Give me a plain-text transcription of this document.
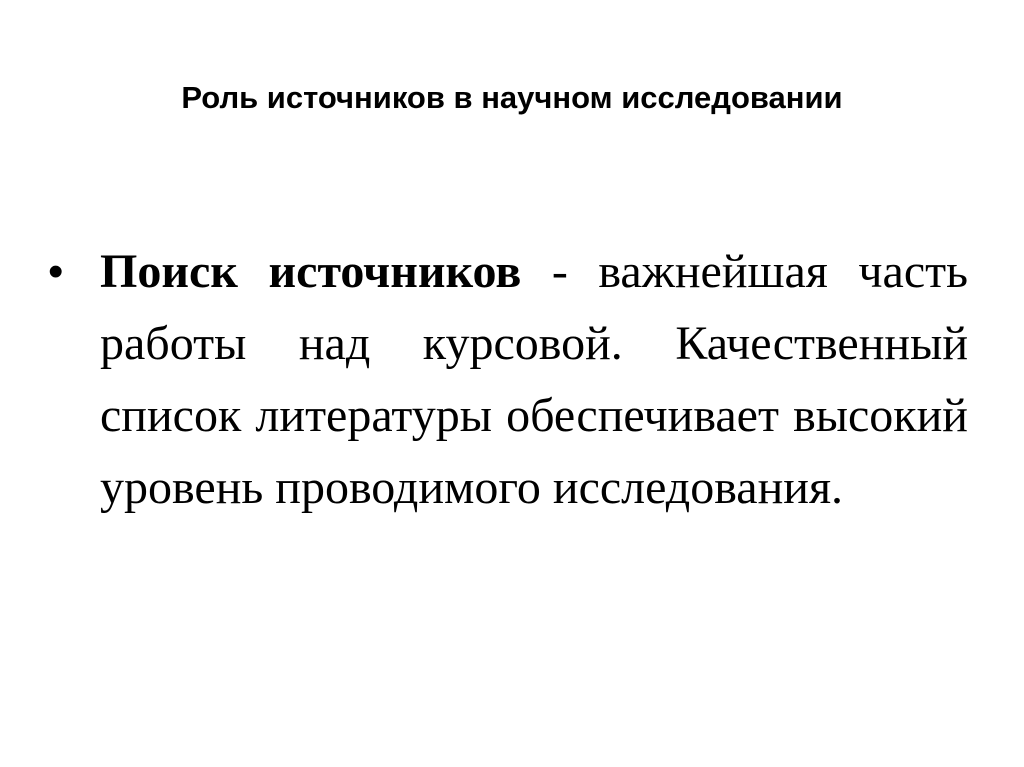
Роль источников в научном исследовании
• Поиск источников - важнейшая часть работы над курсовой. Качественный список литературы обеспечивает высокий уровень проводимого исследования.
